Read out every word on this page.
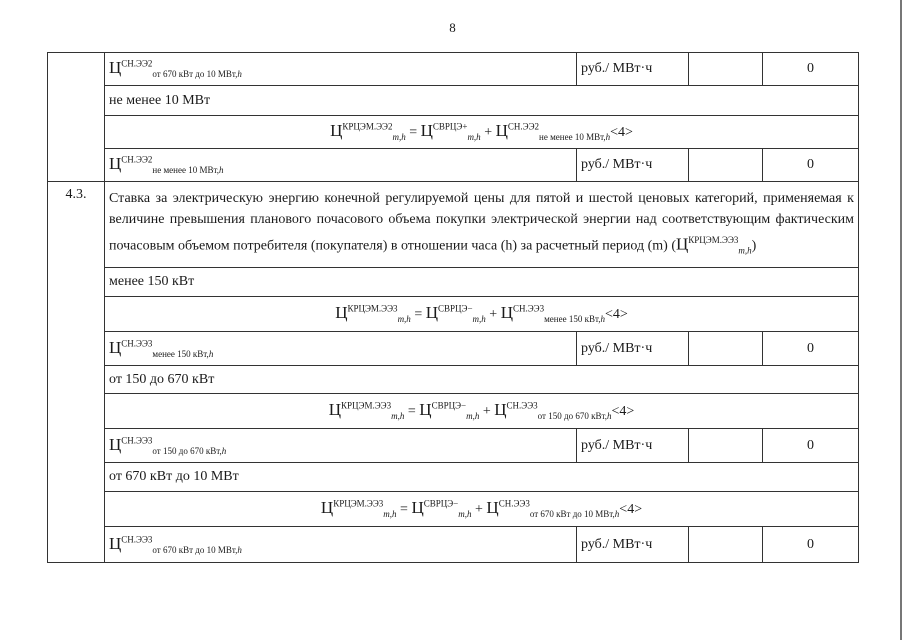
8
	$Ц^{СН.ЭЭ2}_{от 670 кВт до 10 МВт,h}$	руб./ МВт·ч		0
	не менее 10 МВт			
	$Ц^{КРЦЭМ.ЭЭ2}_{m,h} = Ц^{СВРЦЭ+}_{m,h} + Ц^{СН.ЭЭ2}_{не менее 10 МВт,h}<4>$			
	$Ц^{СН.ЭЭ2}_{не менее 10 МВт,h}$	руб./ МВт·ч		0
4.3.	Ставка за электрическую энергию конечной регулируемой цены для пятой и шестой ценовых категорий, применяемая к величине превышения планового почасового объема покупки электрической энергии над соответствующим фактическим почасовым объемом потребителя (покупателя) в отношении часа (h) за расчетный период (m) $(Ц^{КРЦЭМ.ЭЭ3}_{m,h})$			

	менее 150 кВт			
	$Ц^{КРЦЭМ.ЭЭ3}_{m,h} = Ц^{СВРЦЭ-}_{m,h} + Ц^{СН.ЭЭ3}_{менее 150 кВт,h}<4>$			
	$Ц^{СН.ЭЭ3}_{менее 150 кВт,h}$	руб./ МВт·ч		0
	от 150 до 670 кВт			
	$Ц^{КРЦЭМ.ЭЭ3}_{m,h} = Ц^{СВРЦЭ-}_{m,h} + Ц^{СН.ЭЭ3}_{от 150 до 670 кВт,h}<4>$			
	$Ц^{СН.ЭЭ3}_{от 150 до 670 кВт,h}$	руб./ МВт·ч		0
	от 670 кВт до 10 МВт			
	$Ц^{КРЦЭМ.ЭЭ3}_{m,h} = Ц^{СВРЦЭ-}_{m,h} + Ц^{СН.ЭЭ3}_{от 670 кВт до 10 МВт,h}<4>$			
	$Ц^{СН.ЭЭ3}_{от 670 кВт до 10 МВт,h}$	руб./ МВт·ч		0
